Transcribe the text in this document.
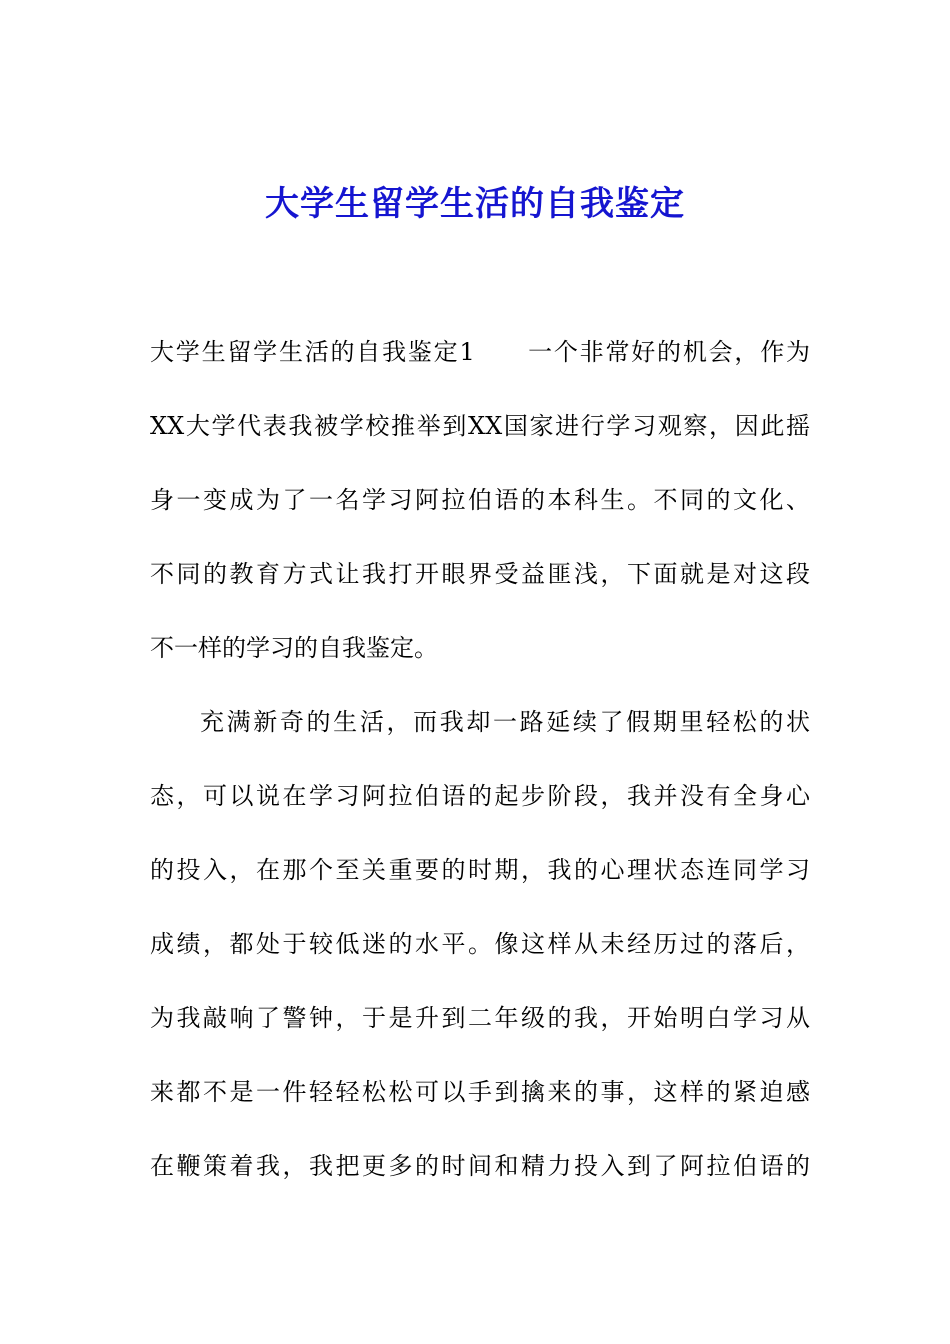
大学生留学生活的自我鉴定
大学生留学生活的自我鉴定1　　一个非常好的机会，作为
XX大学代表我被学校推举到XX国家进行学习观察，因此摇
身一变成为了一名学习阿拉伯语的本科生。不同的文化、
不同的教育方式让我打开眼界受益匪浅，下面就是对这段
不一样的学习的自我鉴定。
充满新奇的生活，而我却一路延续了假期里轻松的状
态，可以说在学习阿拉伯语的起步阶段，我并没有全身心
的投入，在那个至关重要的时期，我的心理状态连同学习
成绩，都处于较低迷的水平。像这样从未经历过的落后，
为我敲响了警钟，于是升到二年级的我，开始明白学习从
来都不是一件轻轻松松可以手到擒来的事，这样的紧迫感
在鞭策着我，我把更多的时间和精力投入到了阿拉伯语的
